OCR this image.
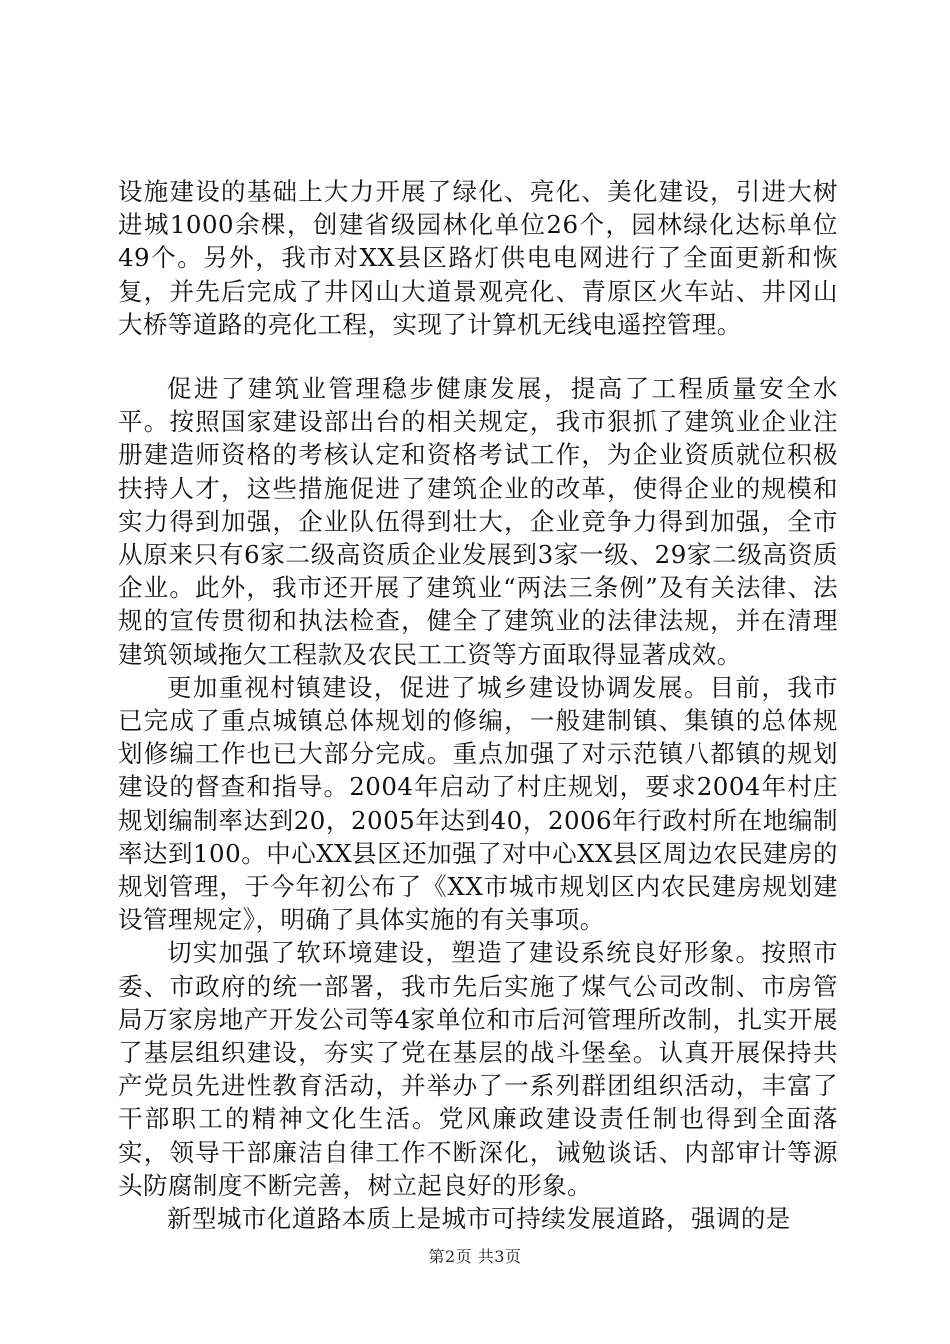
设施建设的基础上大力开展了绿化、亮化、美化建设，引进大树进城1000余棵，创建省级园林化单位26个，园林绿化达标单位49个。另外，我市对XX县区路灯供电电网进行了全面更新和恢复，并先后完成了井冈山大道景观亮化、青原区火车站、井冈山大桥等道路的亮化工程，实现了计算机无线电遥控管理。

促进了建筑业管理稳步健康发展，提高了工程质量安全水平。按照国家建设部出台的相关规定，我市狠抓了建筑业企业注册建造师资格的考核认定和资格考试工作，为企业资质就位积极扶持人才，这些措施促进了建筑企业的改革，使得企业的规模和实力得到加强，企业队伍得到壮大，企业竞争力得到加强，全市从原来只有6家二级高资质企业发展到3家一级、29家二级高资质企业。此外，我市还开展了建筑业“两法三条例”及有关法律、法规的宣传贯彻和执法检查，健全了建筑业的法律法规，并在清理建筑领域拖欠工程款及农民工工资等方面取得显著成效。

更加重视村镇建设，促进了城乡建设协调发展。目前，我市已完成了重点城镇总体规划的修编，一般建制镇、集镇的总体规划修编工作也已大部分完成。重点加强了对示范镇八都镇的规划建设的督查和指导。2004年启动了村庄规划，要求2004年村庄规划编制率达到20，2005年达到40，2006年行政村所在地编制率达到100。中心XX县区还加强了对中心XX县区周边农民建房的规划管理，于今年初公布了《XX市城市规划区内农民建房规划建设管理规定》，明确了具体实施的有关事项。

切实加强了软环境建设，塑造了建设系统良好形象。按照市委、市政府的统一部署，我市先后实施了煤气公司改制、市房管局万家房地产开发公司等4家单位和市后河管理所改制，扎实开展了基层组织建设，夯实了党在基层的战斗堡垒。认真开展保持共产党员先进性教育活动，并举办了一系列群团组织活动，丰富了干部职工的精神文化生活。党风廉政建设责任制也得到全面落实，领导干部廉洁自律工作不断深化，诫勉谈话、内部审计等源头防腐制度不断完善，树立起良好的形象。

新型城市化道路本质上是城市可持续发展道路，强调的是

第2页 共3页
